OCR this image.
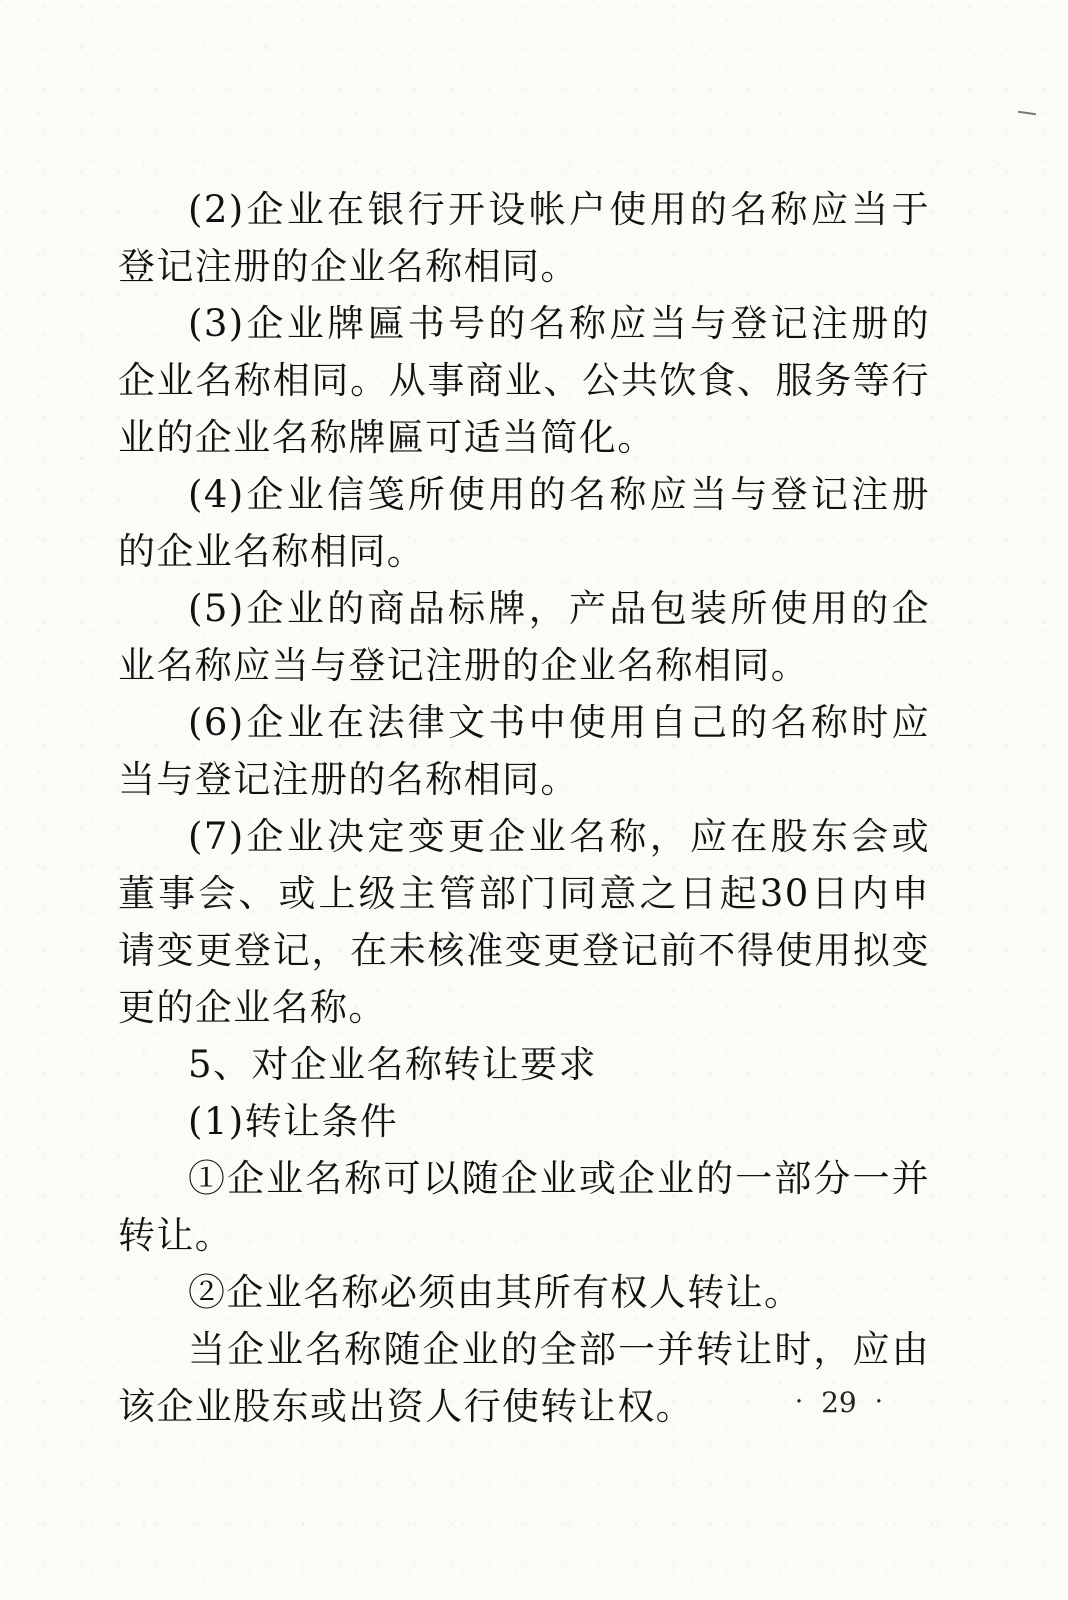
(2)企业在银行开设帐户使用的名称应当于登记注册的企业名称相同。

(3)企业牌匾书号的名称应当与登记注册的企业名称相同。从事商业、公共饮食、服务等行业的企业名称牌匾可适当简化。

(4)企业信笺所使用的名称应当与登记注册的企业名称相同。

(5)企业的商品标牌，产品包装所使用的企业名称应当与登记注册的企业名称相同。

(6)企业在法律文书中使用自己的名称时应当与登记注册的名称相同。

(7)企业决定变更企业名称，应在股东会或董事会、或上级主管部门同意之日起30日内申请变更登记，在未核准变更登记前不得使用拟变更的企业名称。

5、对企业名称转让要求

(1)转让条件

①企业名称可以随企业或企业的一部分一并转让。

②企业名称必须由其所有权人转让。

当企业名称随企业的全部一并转让时，应由该企业股东或出资人行使转让权。	· 29 ·
